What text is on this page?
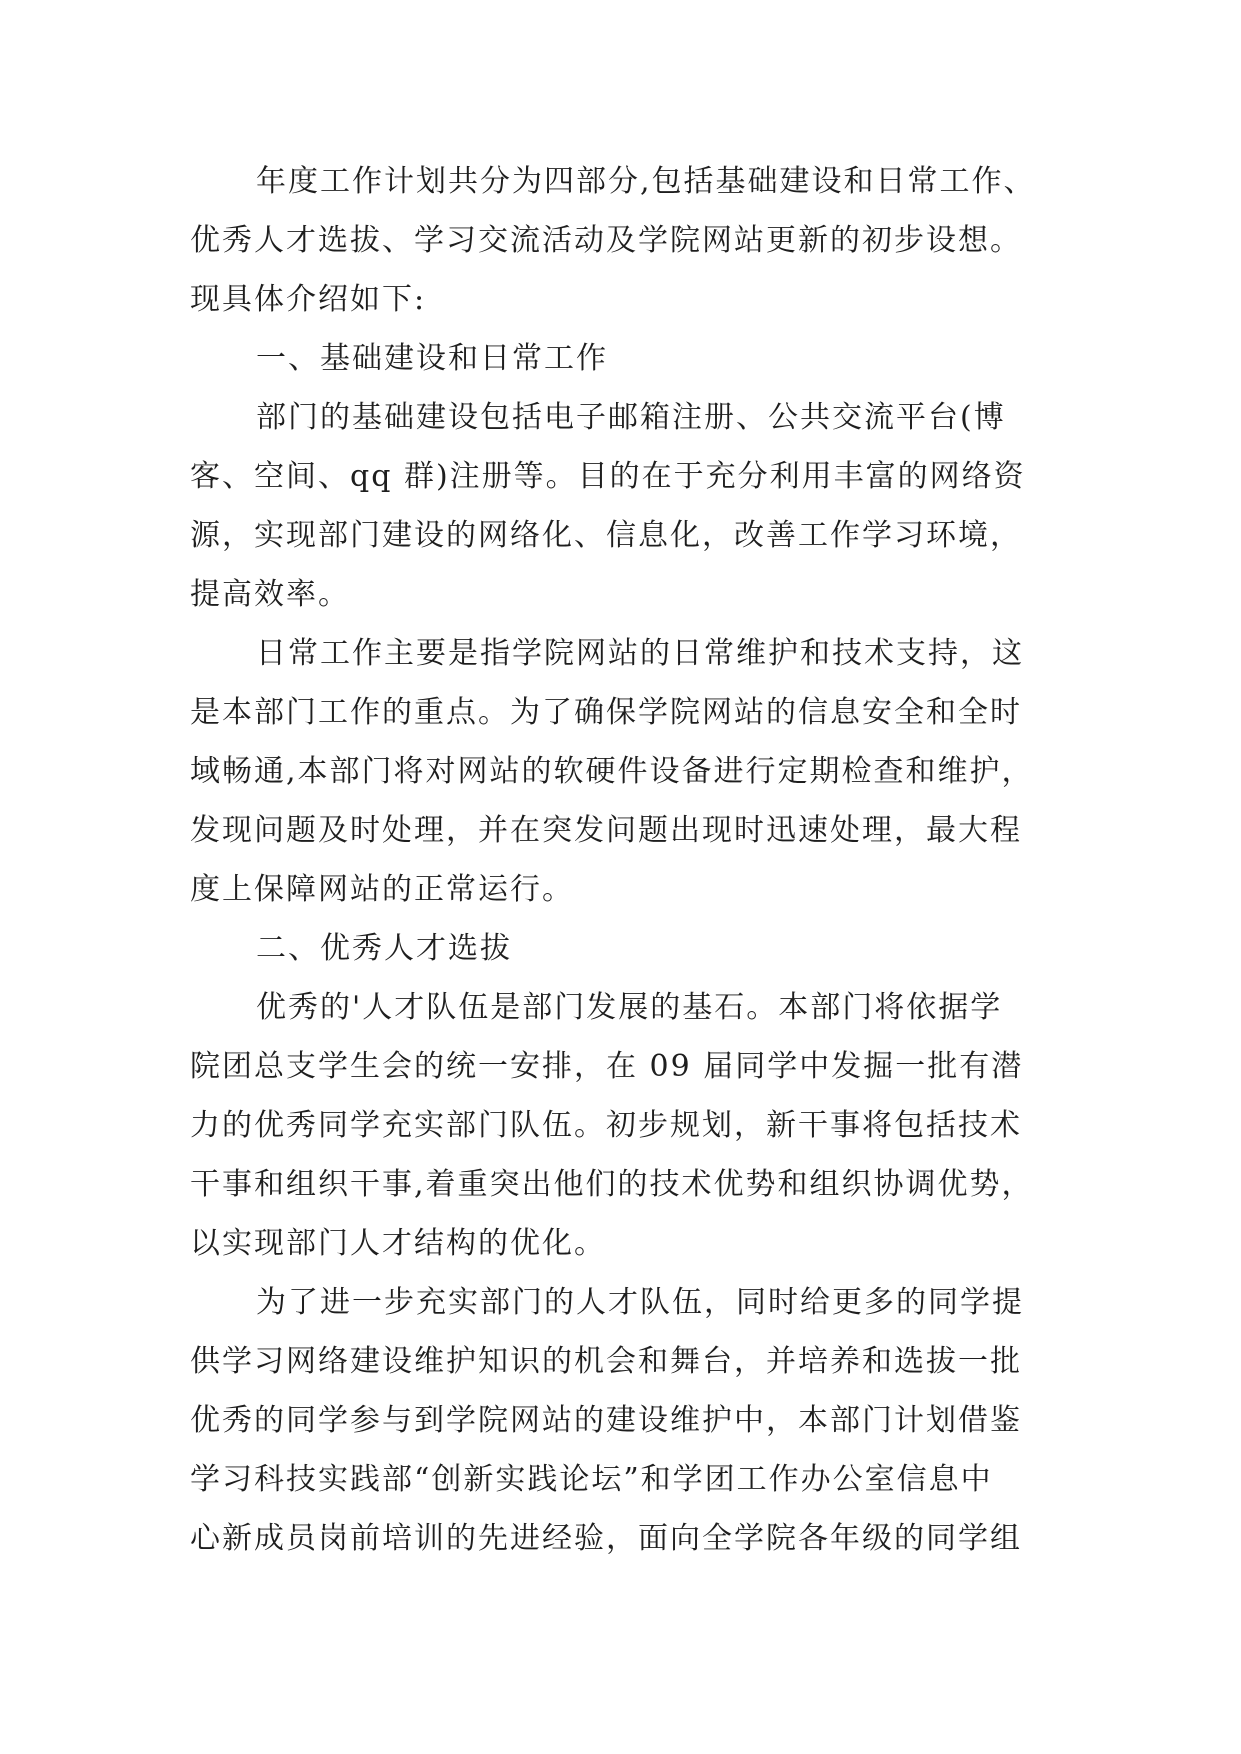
年度工作计划共分为四部分,包括基础建设和日常工作、
优秀人才选拔、学习交流活动及学院网站更新的初步设想。
现具体介绍如下:
一、基础建设和日常工作
部门的基础建设包括电子邮箱注册、公共交流平台(博
客、空间、qq 群)注册等。目的在于充分利用丰富的网络资
源，实现部门建设的网络化、信息化，改善工作学习环境，
提高效率。
日常工作主要是指学院网站的日常维护和技术支持，这
是本部门工作的重点。为了确保学院网站的信息安全和全时
域畅通,本部门将对网站的软硬件设备进行定期检查和维护，
发现问题及时处理，并在突发问题出现时迅速处理，最大程
度上保障网站的正常运行。
二、优秀人才选拔
优秀的'人才队伍是部门发展的基石。本部门将依据学
院团总支学生会的统一安排，在 09 届同学中发掘一批有潜
力的优秀同学充实部门队伍。初步规划，新干事将包括技术
干事和组织干事,着重突出他们的技术优势和组织协调优势，
以实现部门人才结构的优化。
为了进一步充实部门的人才队伍，同时给更多的同学提
供学习网络建设维护知识的机会和舞台，并培养和选拔一批
优秀的同学参与到学院网站的建设维护中，本部门计划借鉴
学习科技实践部“创新实践论坛”和学团工作办公室信息中
心新成员岗前培训的先进经验，面向全学院各年级的同学组
